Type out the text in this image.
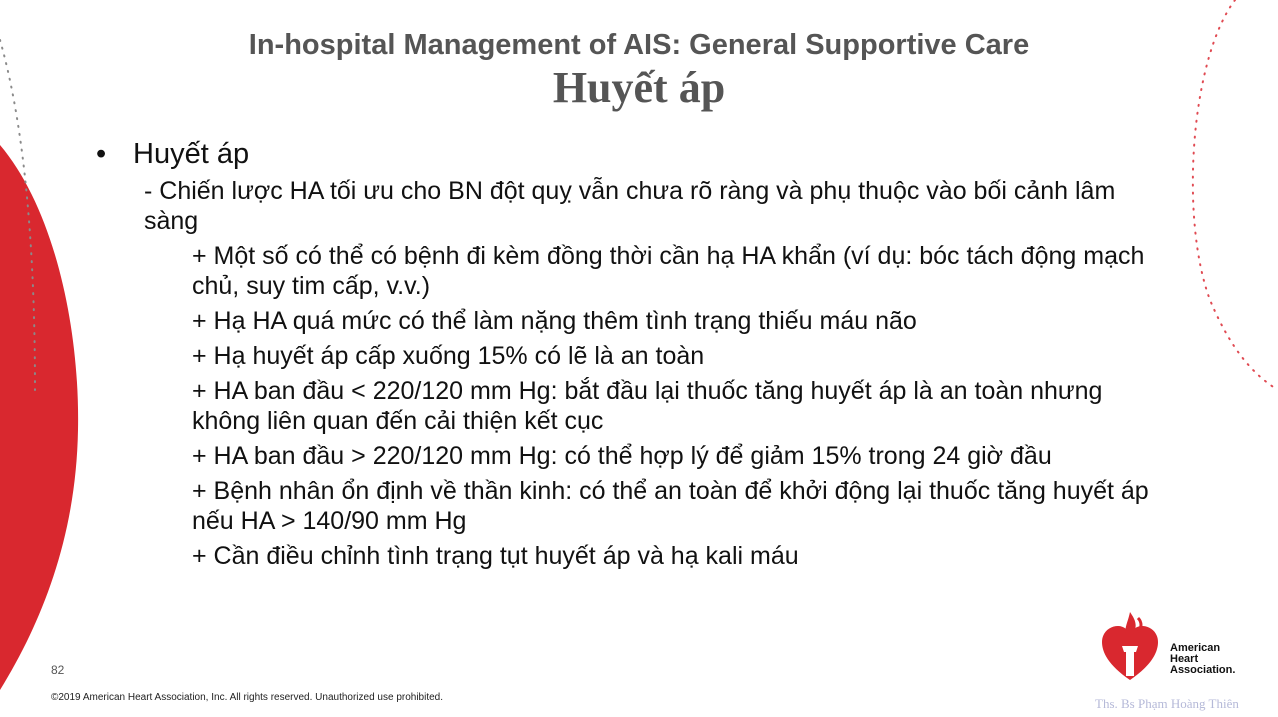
In-hospital Management of AIS: General Supportive Care
Huyết áp
• Huyết áp
- Chiến lược HA tối ưu cho BN đột quỵ vẫn chưa rõ ràng và phụ thuộc vào bối cảnh lâm sàng
+ Một số có thể có bệnh đi kèm đồng thời cần hạ HA khẩn (ví dụ: bóc tách động mạch chủ, suy tim cấp, v.v.)
+ Hạ HA quá mức có thể làm nặng thêm tình trạng thiếu máu não
+ Hạ huyết áp cấp xuống 15% có lẽ là an toàn
+ HA ban đầu < 220/120 mm Hg: bắt đầu lại thuốc tăng huyết áp là an toàn nhưng không liên quan đến cải thiện kết cục
+ HA ban đầu > 220/120 mm Hg: có thể hợp lý để giảm 15% trong 24 giờ đầu
+ Bệnh nhân ổn định về thần kinh: có thể an toàn để khởi động lại thuốc tăng huyết áp nếu HA > 140/90 mm Hg
+ Cần điều chỉnh tình trạng tụt huyết áp và hạ kali máu
82
©2019 American Heart Association, Inc. All rights reserved. Unauthorized use prohibited.
American
Heart
Association.
Ths. Bs Phạm Hoàng Thiên
